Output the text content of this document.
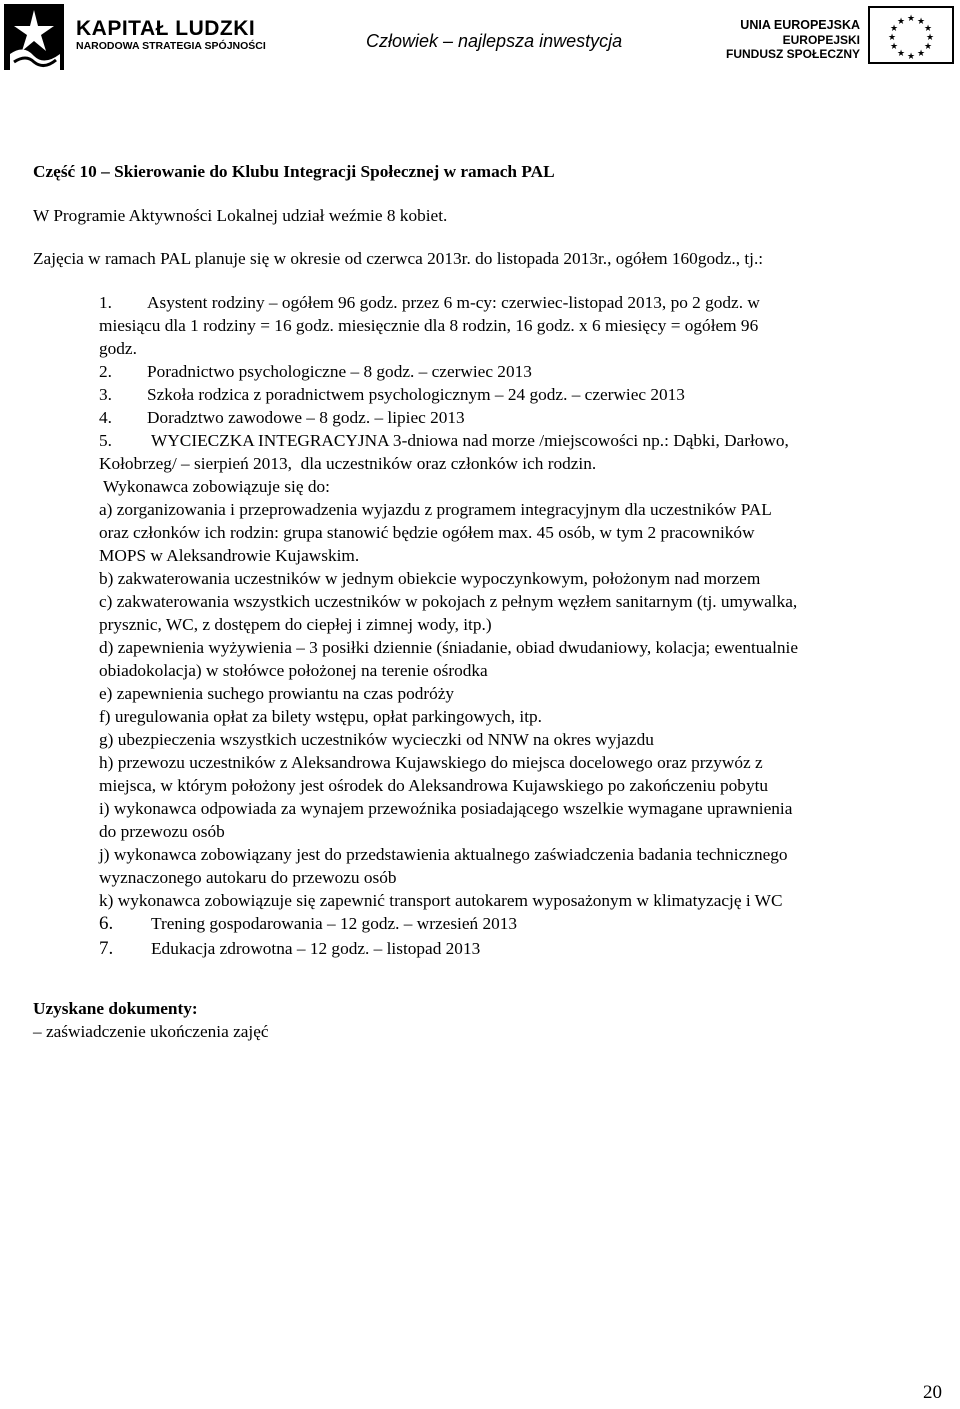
KAPITAŁ LUDZKI
NARODOWA STRATEGIA SPÓJNOŚCI	Człowiek – najlepsza inwestycja
UNIA EUROPEJSKA
EUROPEJSKI
FUNDUSZ SPOŁECZNY
★ ★
★
★
★
★
★
★
★
★
★
★

Część 10 – Skierowanie do Klubu Integracji Społecznej w ramach PAL

W Programie Aktywności Lokalnej udział weźmie 8 kobiet.

Zajęcia w ramach PAL planuje się w okresie od czerwca 2013r. do listopada 2013r., ogółem 160godz., tj.:

1.	Asystent rodziny – ogółem 96 godz. przez 6 m-cy: czerwiec-listopad 2013, po 2 godz. w
miesiącu dla 1 rodziny = 16 godz. miesięcznie dla 8 rodzin, 16 godz. x 6 miesięcy = ogółem 96
godz.
2.	Poradnictwo psychologiczne – 8 godz. – czerwiec 2013
3.	Szkoła rodzica z poradnictwem psychologicznym – 24 godz. – czerwiec 2013
4.	Doradztwo zawodowe – 8 godz. – lipiec 2013
5.	WYCIECZKA INTEGRACYJNA 3-dniowa nad morze /miejscowości np.: Dąbki, Darłowo,
Kołobrzeg/ – sierpień 2013,  dla uczestników oraz członków ich rodzin.

Wykonawca zobowiązuje się do:

a) zorganizowania i przeprowadzenia wyjazdu z programem integracyjnym dla uczestników PAL

oraz członków ich rodzin: grupa stanowić będzie ogółem max. 45 osób, w tym 2 pracowników

MOPS w Aleksandrowie Kujawskim.

b) zakwaterowania uczestników w jednym obiekcie wypoczynkowym, położonym nad morzem

c) zakwaterowania wszystkich uczestników w pokojach z pełnym węzłem sanitarnym (tj. umywalka,

prysznic, WC, z dostępem do ciepłej i zimnej wody, itp.)

d) zapewnienia wyżywienia – 3 posiłki dziennie (śniadanie, obiad dwudaniowy, kolacja; ewentualnie

obiadokolacja) w stołówce położonej na terenie ośrodka

e) zapewnienia suchego prowiantu na czas podróży

f) uregulowania opłat za bilety wstępu, opłat parkingowych, itp.

g) ubezpieczenia wszystkich uczestników wycieczki od NNW na okres wyjazdu

h) przewozu uczestników z Aleksandrowa Kujawskiego do miejsca docelowego oraz przywóz z

miejsca, w którym położony jest ośrodek do Aleksandrowa Kujawskiego po zakończeniu pobytu

i) wykonawca odpowiada za wynajem przewoźnika posiadającego wszelkie wymagane uprawnienia

do przewozu osób

j) wykonawca zobowiązany jest do przedstawienia aktualnego zaświadczenia badania technicznego

wyznaczonego autokaru do przewozu osób

k) wykonawca zobowiązuje się zapewnić transport autokarem wyposażonym w klimatyzację i WC

6.	Trening gospodarowania – 12 godz. – wrzesień 2013
7.	Edukacja zdrowotna – 12 godz. – listopad 2013

Uzyskane dokumenty:

– zaświadczenie ukończenia zajęć

20
